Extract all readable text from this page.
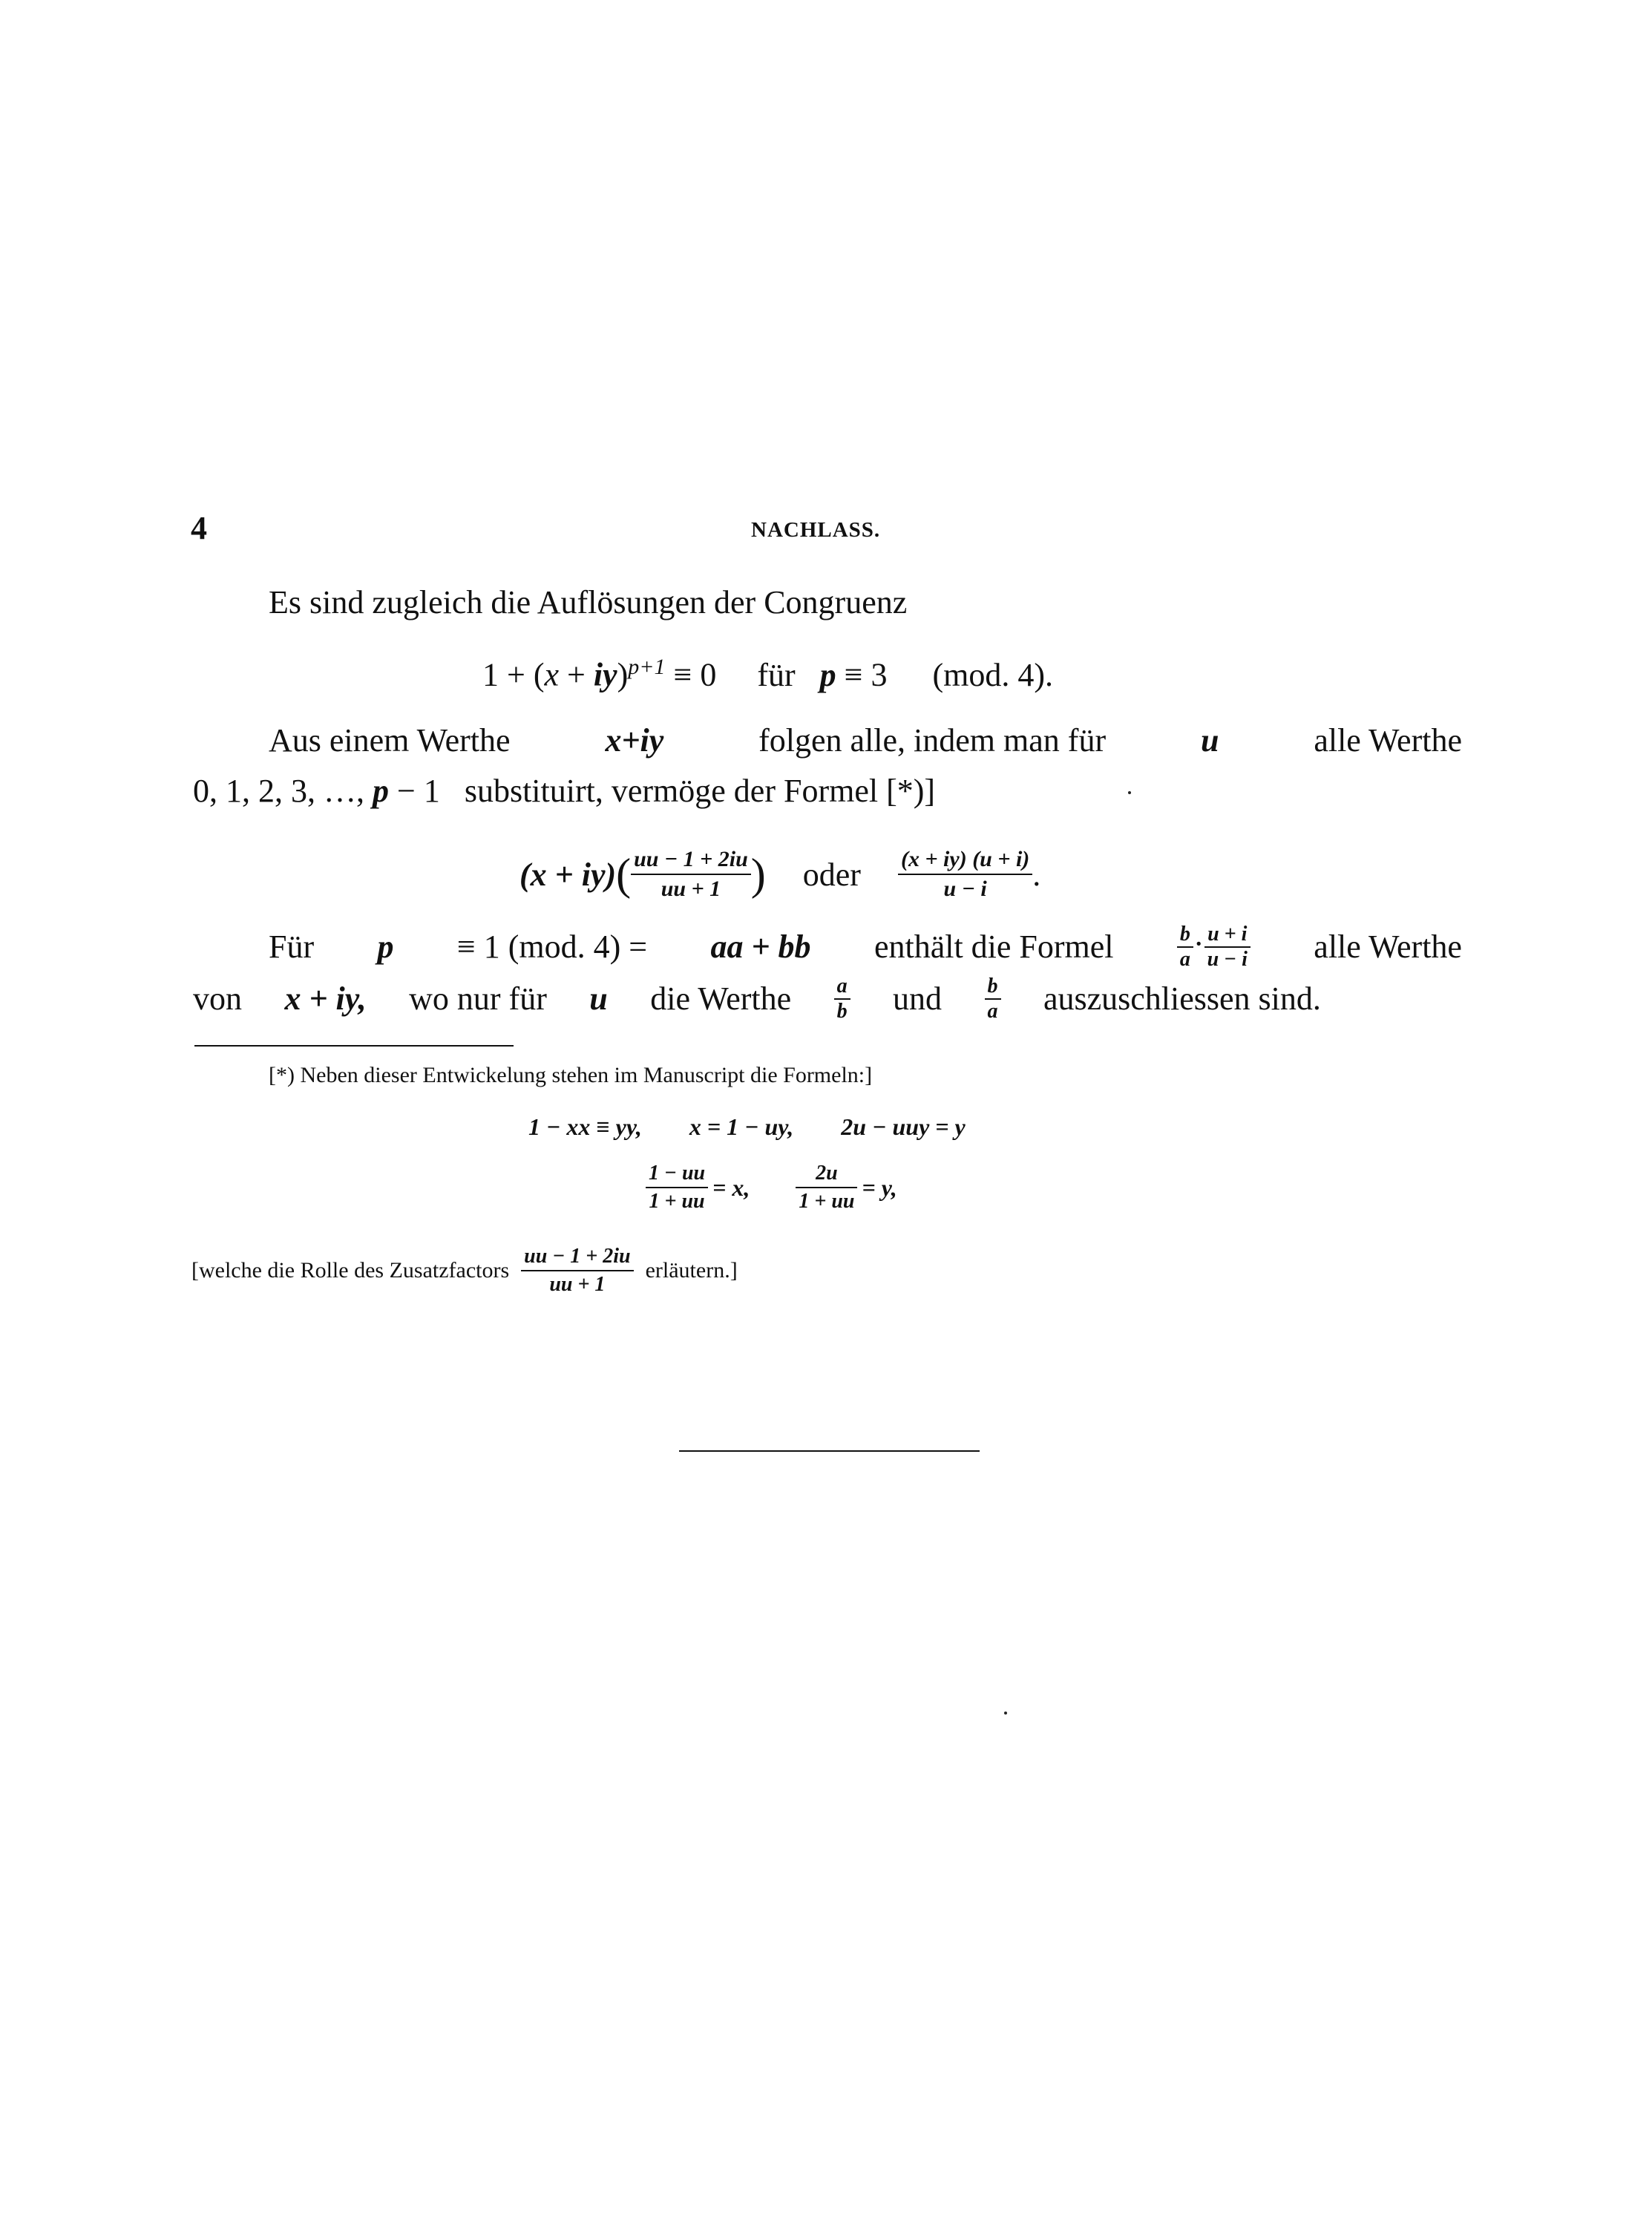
4	NACHLASS.
Es sind zugleich die Auflösungen der Congruenz
1 + (x + iy)$^{p+1}$ ≡ 0 für p ≡ 3 (mod. 4).
Aus einem Werthe	x+iy	folgen alle, indem man für	u	alle Werthe
0, 1, 2, 3, …, p − 1 substituirt, vermöge der Formel [*)]
(x + iy) ( $\frac{uu - 1 + 2iu}{uu + 1}$ ) oder $\frac{(x + iy) (u + i)}{u - i}$ .
Für p ≡ 1 (mod. 4) = aa + bb enthält die Formel	$\frac{b}{a} \cdot \frac{u + i}{u - i}$ alle Werthe
von x + iy, wo nur für u die Werthe $\frac{a}{b}$ und $\frac{b}{a}$ auszuschliessen sind.
[*) Neben dieser Entwickelung stehen im Manuscript die Formeln:]
1 − xx ≡ yy, x = 1 − uy, 2u − uuy = y
$\frac{1 - uu}{1 + uu} = x$, $\frac{2u}{1 + uu} = y$,
[welche die Rolle des Zusatzfactors $\frac{uu - 1 + 2iu}{uu + 1}$ erläutern.]
